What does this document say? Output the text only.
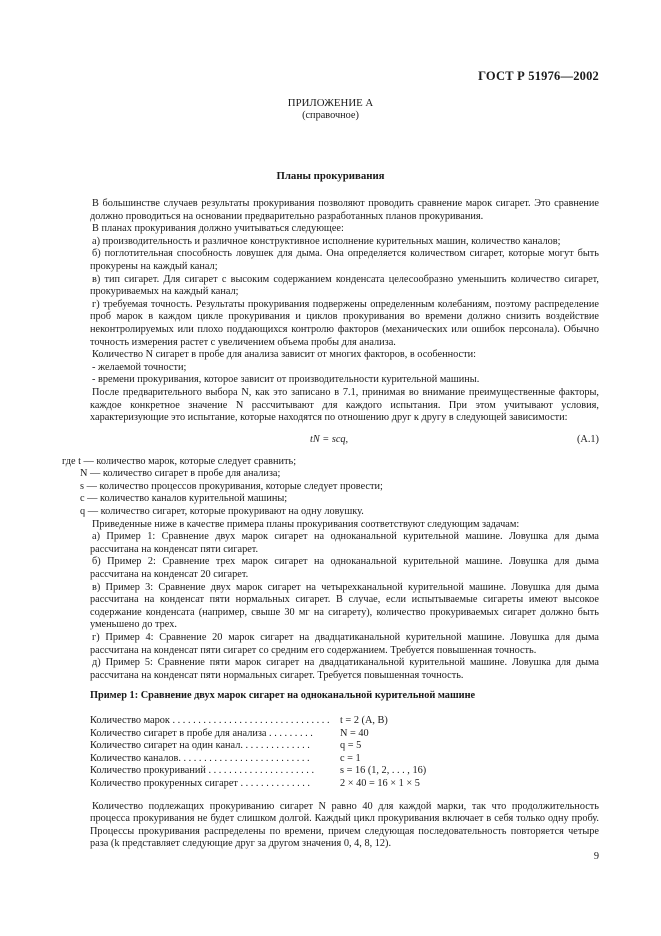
ГОСТ Р 51976—2002
ПРИЛОЖЕНИЕ А
(справочное)
Планы прокуривания
В большинстве случаев результаты прокуривания позволяют проводить сравнение марок сигарет. Это сравнение должно проводиться на основании предварительно разработанных планов прокуривания.
В планах прокуривания должно учитываться следующее:
а) производительность и различное конструктивное исполнение курительных машин, количество каналов;
б) поглотительная способность ловушек для дыма. Она определяется количеством сигарет, которые могут быть прокурены на каждый канал;
в) тип сигарет. Для сигарет с высоким содержанием конденсата целесообразно уменьшить количество сигарет, прокуриваемых на каждый канал;
г) требуемая точность. Результаты прокуривания подвержены определенным колебаниям, поэтому распределение проб марок в каждом цикле прокуривания и циклов прокуривания во времени должно снизить воздействие неконтролируемых или плохо поддающихся контролю факторов (механических или ошибок персонала). Обычно точность измерения растет с увеличением объема пробы для анализа.
Количество N сигарет в пробе для анализа зависит от многих факторов, в особенности:
- желаемой точности;
- времени прокуривания, которое зависит от производительности курительной машины.
После предварительного выбора N, как это записано в 7.1, принимая во внимание преимущественные факторы, каждое конкретное значение N рассчитывают для каждого испытания. При этом учитывают условия, характеризующие это испытание, которые находятся по отношению друг к другу в следующей зависимости:
tN = scq,	(A.1)
где t — количество марок, которые следует сравнить;
N — количество сигарет в пробе для анализа;
s — количество процессов прокуривания, которые следует провести;
c — количество каналов курительной машины;
q — количество сигарет, которые прокуривают на одну ловушку.
Приведенные ниже в качестве примера планы прокуривания соответствуют следующим задачам:
а) Пример 1: Сравнение двух марок сигарет на одноканальной курительной машине. Ловушка для дыма рассчитана на конденсат пяти сигарет.
б) Пример 2: Сравнение трех марок сигарет на одноканальной курительной машине. Ловушка для дыма рассчитана на конденсат 20 сигарет.
в) Пример 3: Сравнение двух марок сигарет на четырехканальной курительной машине. Ловушка для дыма рассчитана на конденсат пяти нормальных сигарет. В случае, если испытываемые сигареты имеют высокое содержание конденсата (например, свыше 30 мг на сигарету), количество прокуриваемых сигарет должно быть уменьшено до трех.
г) Пример 4: Сравнение 20 марок сигарет на двадцатиканальной курительной машине. Ловушка для дыма рассчитана на конденсат пяти сигарет со средним его содержанием. Требуется повышенная точность.
д) Пример 5: Сравнение пяти марок сигарет на двадцатиканальной курительной машине. Ловушка для дыма рассчитана на конденсат пяти нормальных сигарет. Требуется повышенная точность.
Пример 1: Сравнение двух марок сигарет на одноканальной курительной машине
Количество марок . . . . . . . . . . . . . . . . . . . . . . . . . . . . . . .	t = 2 (A, B)
Количество сигарет в пробе для анализа . . . . . . . . .	N = 40
Количество сигарет на один канал. . . . . . . . . . . . . .	q = 5
Количество каналов. . . . . . . . . . . . . . . . . . . . . . . . . .	c = 1
Количество прокуриваний . . . . . . . . . . . . . . . . . . . . .	s = 16 (1, 2, . . . , 16)
Количество прокуренных сигарет . . . . . . . . . . . . . .	2 × 40 = 16 × 1 × 5
Количество подлежащих прокуриванию сигарет N равно 40 для каждой марки, так что продолжительность процесса прокуривания не будет слишком долгой. Каждый цикл прокуривания включает в себя только одну пробу. Процессы прокуривания распределены по времени, причем следующая последовательность повторяется четыре раза (k представляет следующие друг за другом значения 0, 4, 8, 12).
9
